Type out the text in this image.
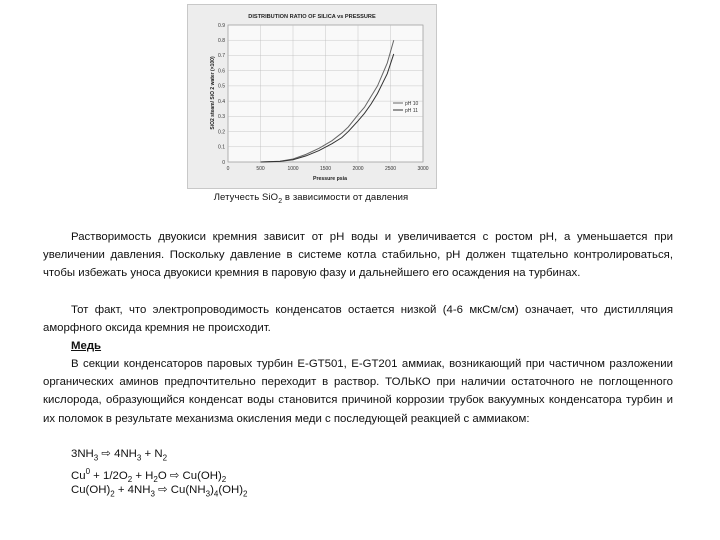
DISTRIBUTION RATIO OF SILICA vs PRESSURE
SiO2 steam/ SiO 2 water (×100)
Pressure psia
0
0.1
0.2
0.3
0.4
0.5
0.6
0.7
0.8
0.9
0	500	1000	1500	2000	2500	3000
pH 10
pH 11
Летучесть SiO$_2$ в зависимости от давления

Растворимость двуокиси кремния зависит от pH воды и увеличивается с ростом pH, а уменьшается при увеличении давления. Поскольку давление в системе котла стабильно, pH должен тщательно контролироваться, чтобы избежать уноса двуокиси кремния в паровую фазу и дальнейшего его осаждения на турбинах.

Тот факт, что электропроводимость конденсатов остается низкой (4-6 мкСм/см) означает, что дистилляция аморфного оксида кремния не происходит.

Медь

В секции конденсаторов паровых турбин E-GT501, E-GT201 аммиак, возникающий при частичном разложении органических аминов предпочтительно переходит в раствор. ТОЛЬКО при наличии остаточного не поглощенного кислорода, образующийся конденсат воды становится причиной коррозии трубок вакуумных конденсатора турбин и их поломок в результате механизма окисления меди с последующей реакцией с аммиаком:

$3NH_3$ ⇨ $4NH_3 + N_2$
$Cu^0 + 1/2O_2 + H_2O$ ⇨ $Cu(OH)_2$
$Cu(OH)_2 + 4NH_3$ ⇨ $Cu(NH_3)_4(OH)_2$
